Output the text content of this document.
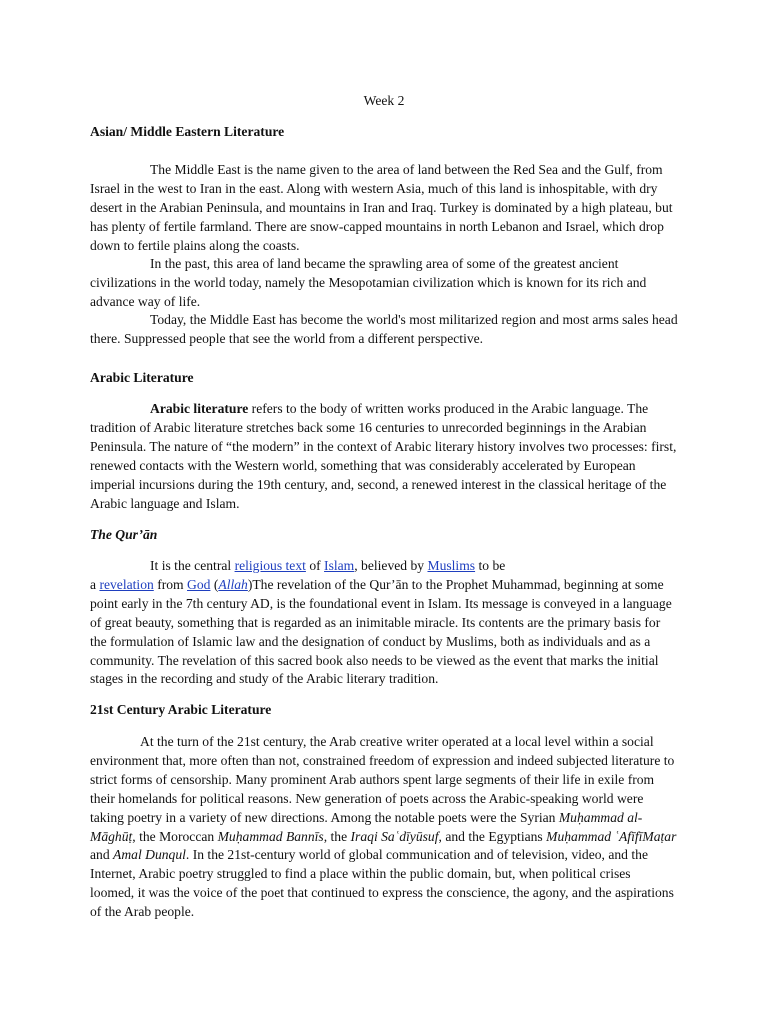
Week 2
Asian/ Middle Eastern Literature

The Middle East is the name given to the area of land between the Red Sea and the Gulf, from Israel in the west to Iran in the east. Along with western Asia, much of this land is inhospitable, with dry desert in the Arabian Peninsula, and mountains in Iran and Iraq. Turkey is dominated by a high plateau, but has plenty of fertile farmland. There are snow-capped mountains in north Lebanon and Israel, which drop down to fertile plains along the coasts.

In the past, this area of land became the sprawling area of some of the greatest ancient civilizations in the world today, namely the Mesopotamian civilization which is known for its rich and advance way of life.

Today, the Middle East has become the world's most militarized region and most arms sales head there. Suppressed people that see the world from a different perspective.

Arabic Literature

Arabic literature refers to the body of written works produced in the Arabic language. The tradition of Arabic literature stretches back some 16 centuries to unrecorded beginnings in the Arabian Peninsula. The nature of “the modern” in the context of Arabic literary history involves two processes: first, renewed contacts with the Western world, something that was considerably accelerated by European imperial incursions during the 19th century, and, second, a renewed interest in the classical heritage of the Arabic language and Islam.

The Qur’ān

It is the central religious text of Islam, believed by Muslims to be
a revelation from God (Allah)The revelation of the Qur’ān to the Prophet Muhammad, beginning at some point early in the 7th century AD, is the foundational event in Islam. Its message is conveyed in a language of great beauty, something that is regarded as an inimitable miracle. Its contents are the primary basis for the formulation of Islamic law and the designation of conduct by Muslims, both as individuals and as a community. The revelation of this sacred book also needs to be viewed as the event that marks the initial stages in the recording and study of the Arabic literary tradition.

21st Century Arabic Literature

At the turn of the 21st century, the Arab creative writer operated at a local level within a social environment that, more often than not, constrained freedom of expression and indeed subjected literature to strict forms of censorship. Many prominent Arab authors spent large segments of their life in exile from their homelands for political reasons. New generation of poets across the Arabic-speaking world were taking poetry in a variety of new directions. Among the notable poets were the Syrian Muḥammad al-Māghūṭ, the Moroccan Muḥammad Bannīs, the Iraqi Saʿdīyūsuf, and the Egyptians Muḥammad ʿAfīfīMaṭar and Amal Dunqul. In the 21st-century world of global communication and of television, video, and the Internet, Arabic poetry struggled to find a place within the public domain, but, when political crises loomed, it was the voice of the poet that continued to express the conscience, the agony, and the aspirations of the Arab people.
